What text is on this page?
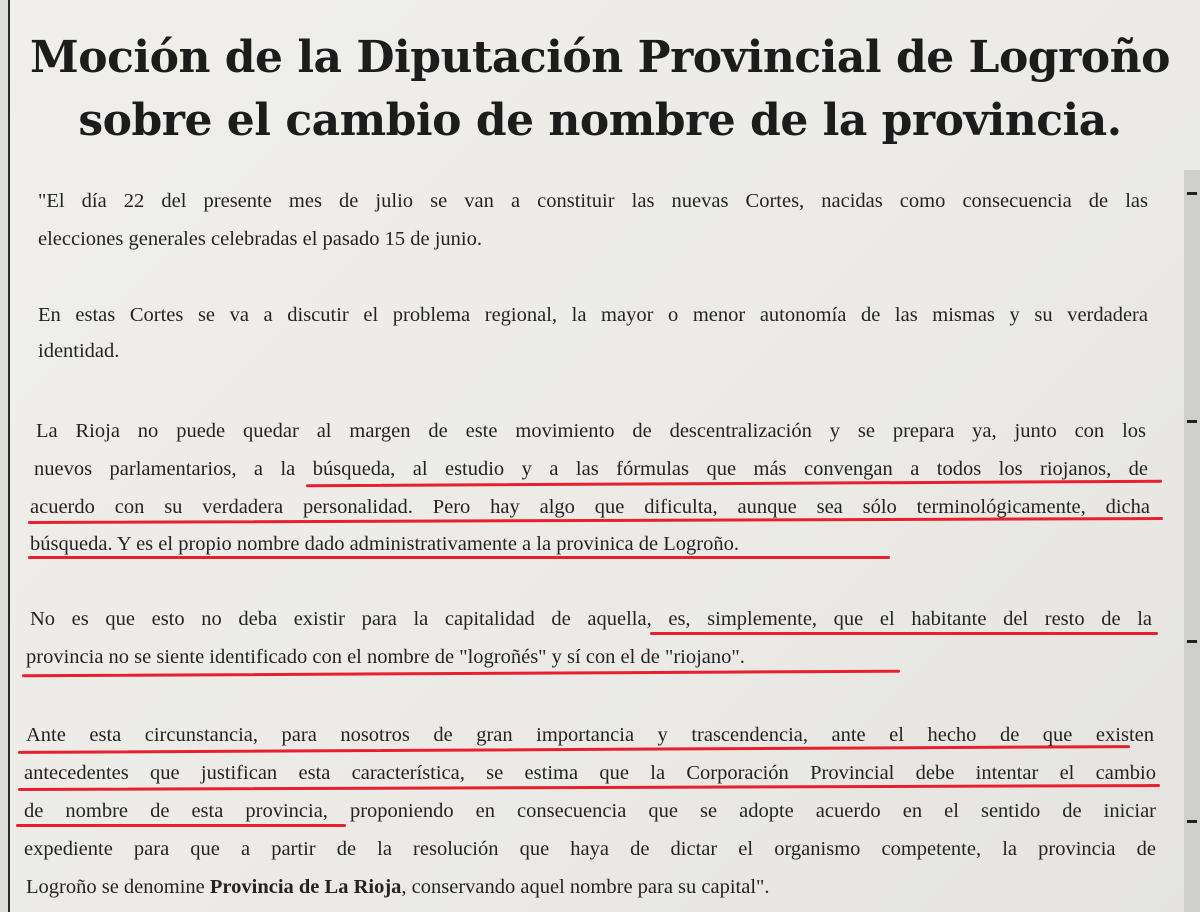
Moción de la Diputación Provincial de Logroño
sobre el cambio de nombre de la provincia.

"El día 22 del presente mes de julio se van a constituir las nuevas Cortes, nacidas como consecuencia de las

elecciones generales celebradas el pasado 15 de junio.

En estas Cortes se va a discutir el problema regional, la mayor o menor autonomía de las mismas y su verdadera

identidad.

La Rioja no puede quedar al margen de este movimiento de descentralización y se prepara ya, junto con los

nuevos parlamentarios, a la búsqueda, al estudio y a las fórmulas que más convengan a todos los riojanos, de

acuerdo con su verdadera personalidad. Pero hay algo que dificulta, aunque sea sólo terminológicamente, dicha

búsqueda. Y es el propio nombre dado administrativamente a la provinica de Logroño.

No es que esto no deba existir para la capitalidad de aquella, es, simplemente, que el habitante del resto de la

provincia no se siente identificado con el nombre de "logroñés" y sí con el de "riojano".

Ante esta circunstancia, para nosotros de gran importancia y trascendencia, ante el hecho de que existen

antecedentes que justifican esta característica, se estima que la Corporación Provincial debe intentar el cambio

de nombre de esta provincia, proponiendo en consecuencia que se adopte acuerdo en el sentido de iniciar

expediente para que a partir de la resolución que haya de dictar el organismo competente, la provincia de

Logroño se denomine Provincia de La Rioja, conservando aquel nombre para su capital".
